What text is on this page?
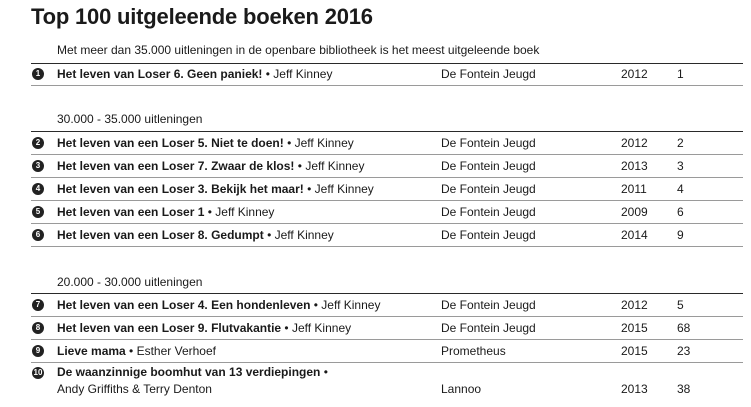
Top 100 uitgeleende boeken 2016
Met meer dan 35.000 uitleningen in de openbare bibliotheek is het meest uitgeleende boek
1	Het leven van Loser 6. Geen paniek! • Jeff Kinney	De Fontein Jeugd	2012 1
30.000 - 35.000 uitleningen
2	Het leven van een Loser 5. Niet te doen! • Jeff Kinney	De Fontein Jeugd	2012 2
3	Het leven van een Loser 7. Zwaar de klos! • Jeff Kinney	De Fontein Jeugd	2013 3
4	Het leven van een Loser 3. Bekijk het maar! • Jeff Kinney	De Fontein Jeugd	2011	4
5	Het leven van een Loser 1 • Jeff Kinney	De Fontein Jeugd	2009 6
6	Het leven van een Loser 8. Gedumpt • Jeff Kinney	De Fontein Jeugd	2014 9
20.000 - 30.000 uitleningen
7	Het leven van een Loser 4. Een hondenleven • Jeff Kinney	De Fontein Jeugd	2012 5
8	Het leven van een Loser 9. Flutvakantie • Jeff Kinney	De Fontein Jeugd	2015 68
9	Lieve mama • Esther Verhoef	Prometheus	2015 23
10 De waanzinnige boomhut van 13 verdiepingen •
Andy Griffiths & Terry Denton	Lannoo	2013 38
